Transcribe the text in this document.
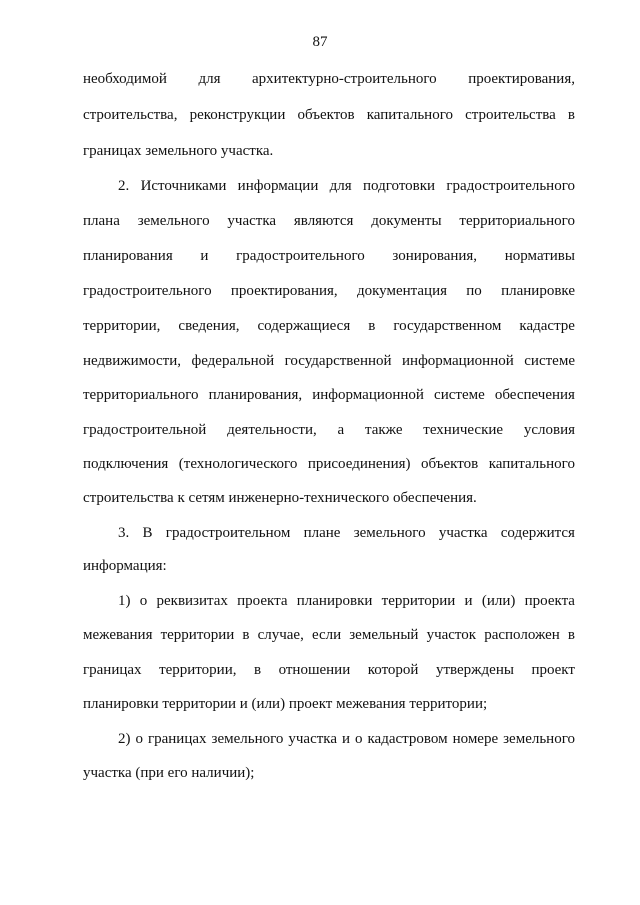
87
необходимой для архитектурно-строительного проектирования,
строительства, реконструкции объектов капитального строительства в
границах земельного участка.
2. Источниками информации для подготовки градостроительного
плана земельного участка являются документы территориального
планирования и градостроительного зонирования, нормативы
градостроительного проектирования, документация по планировке
территории, сведения, содержащиеся в государственном кадастре
недвижимости, федеральной государственной информационной системе
территориального планирования, информационной системе обеспечения
градостроительной деятельности, а также технические условия
подключения (технологического присоединения) объектов капитального
строительства к сетям инженерно-технического обеспечения.
3. В градостроительном плане земельного участка содержится
информация:
1) о реквизитах проекта планировки территории и (или) проекта
межевания территории в случае, если земельный участок расположен в
границах территории, в отношении которой утверждены проект
планировки территории и (или) проект межевания территории;
2) о границах земельного участка и о кадастровом номере земельного
участка (при его наличии);
